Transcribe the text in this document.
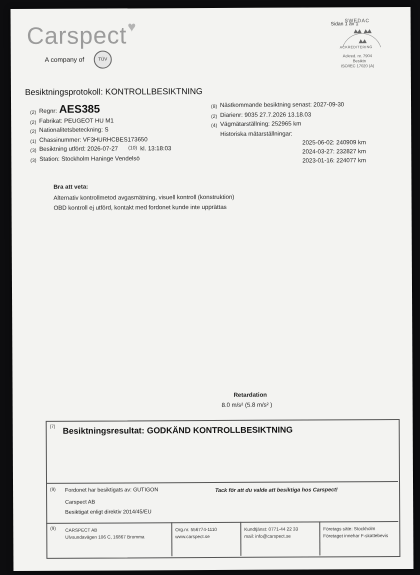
Carspect ♥
A company of	TÜV
Sidan 1 av 1
SWEDAC
ACKREDITERING
Ackred. nr. 7904
Besiktn
ISO/IEC 17020 (A)
Besiktningsprotokoll: KONTROLLBESIKTNING
(2) Regnr: AES385
(2) Fabrikat: PEUGEOT HU M1
(2) Nationalitetsbeteckning: S
(1) Chassinummer: VF3HURHCBES173650
(3) Besiktning utförd: 2026-07-27 (10) kl. 13:18:03
(3) Station: Stockholm Haninge Vendelsö
(8) Nästkommande besiktning senast: 2027-09-30
(2) Diarienr: 9035 27.7.2026 13.18.03
(4) Vägmätarställning: 252965 km
Historiska mätarställningar:
2025-06-02: 240909 km
2024-03-27: 232827 km
2023-01-16: 224077 km
Bra att veta:
Alternativ kontrollmetod avgasmätning, visuell kontroll (konstruktion)
OBD kontroll ej utförd, kontakt med fordonet kunde inte upprättas
Retardation
8.0 m/s² (5.8 m/s² )
(7) Besiktningsresultat: GODKÄND KONTROLLBESIKTNING
(9) Fordonet har besiktigats av: GUTIGON
Carspect AB
Besiktigat enligt direktiv 2014/45/EU
Tack för att du valde att besiktiga hos Carspect!
(9) CARSPECT AB
Ulvsundavägen 106 C, 16867 Bromma
Org.nr. 556774-1110
www.carspect.se
Kundtjänst: 0771-44 22 33
mail: info@carspect.se
Företags säte: Stockholm
Företaget innehar F-skattebevis
